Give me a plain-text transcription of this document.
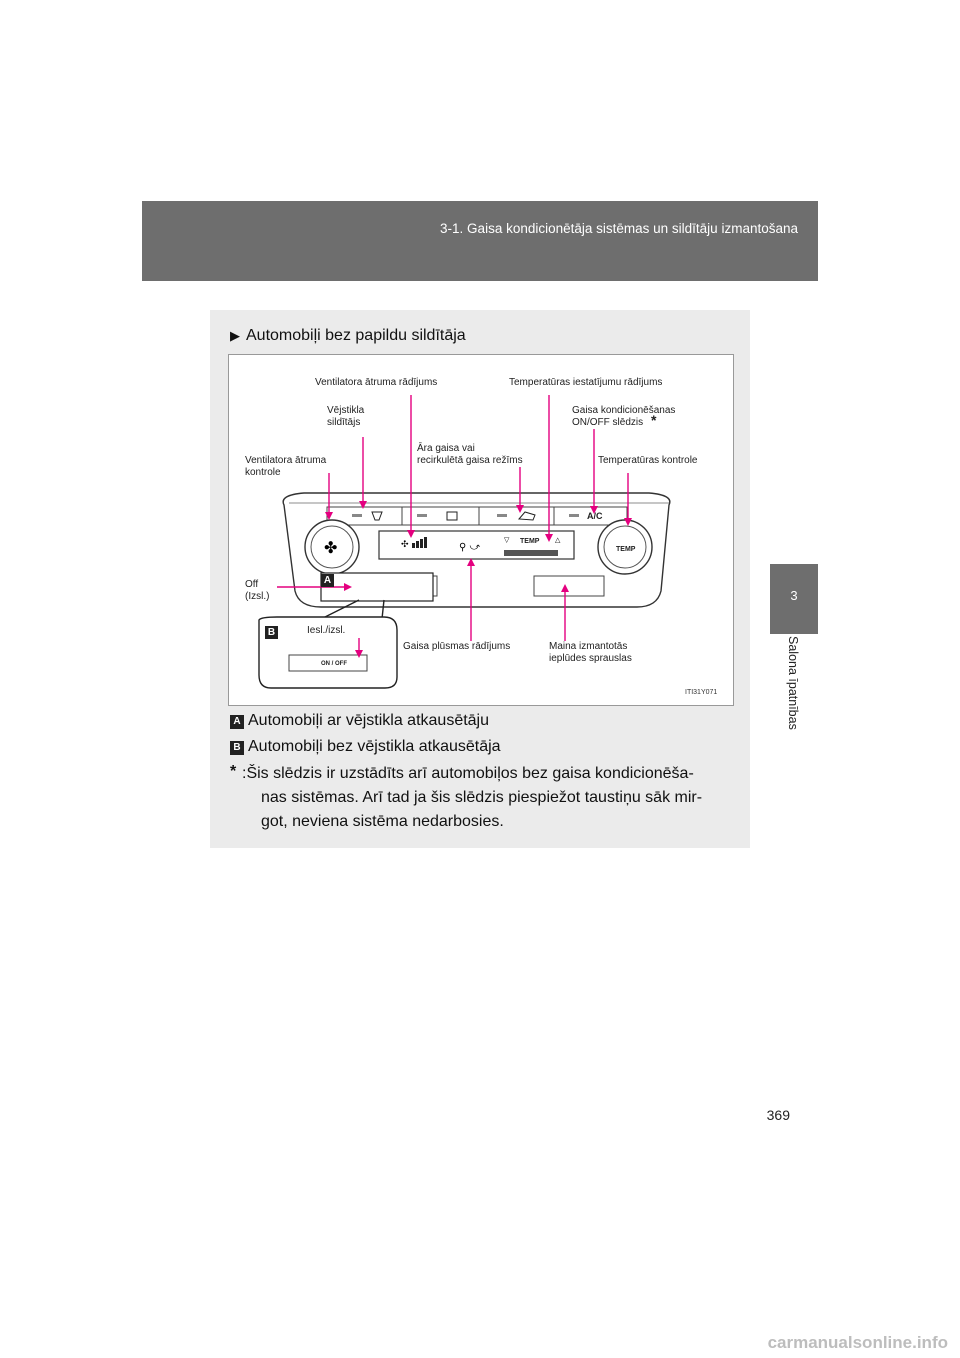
3-1. Gaisa kondicionētāja sistēmas un sildītāju izmantošana
3
Salona īpatnības
▶ Automobiļi bez papildu sildītāja
✣	⚲ ⤻
▽	△
✤	TEMP
A/C
TEMP
ON / OFF
A
B
Ventilatora ātruma rādījums	Temperatūras iestatījumu rādījums
Vējstikla
sildītājs
Gaisa kondicionēšanas
ON/OFF slēdzis *
Āra gaisa vai
recirkulētā gaisa režīms
Ventilatora ātruma
kontrole
Temperatūras kontrole
Off
(Izsl.)
Iesl./izsl.
Gaisa plūsmas rādījums	Maina izmantotās
ieplūdes sprauslas
ITI31Y071
A Automobiļi ar vējstikla atkausētāju
B Automobiļi bez vējstikla atkausētāja
* :Šis slēdzis ir uzstādīts arī automobiļos bez gaisa kondicionēša-
nas sistēmas. Arī tad ja šis slēdzis piespiežot taustiņu sāk mir-
got, neviena sistēma nedarbosies.
369
carmanualsonline.info
